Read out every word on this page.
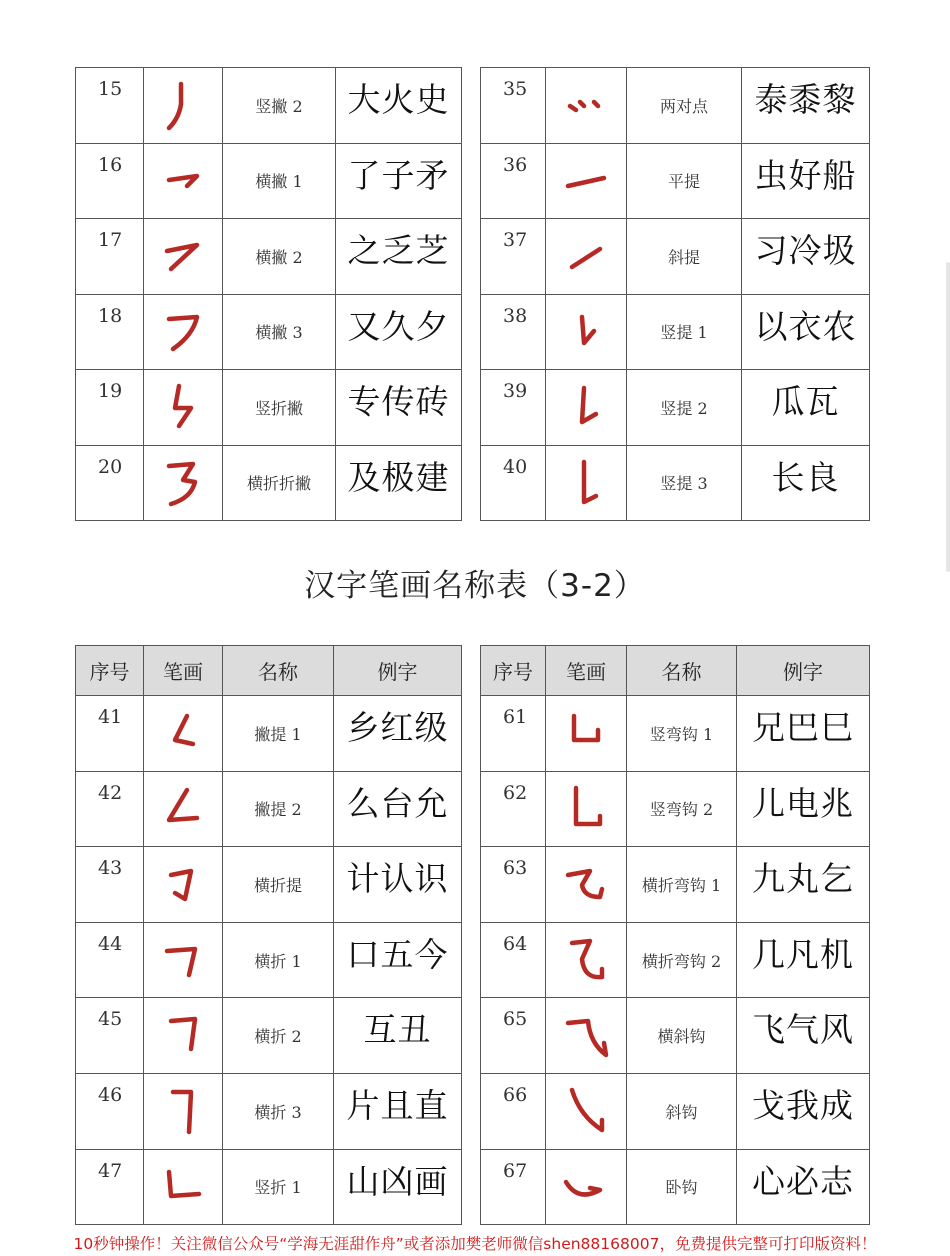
15		竖撇 2	大火史		35		两对点	泰黍黎
16		横撇 1	了子矛		36		平提	虫好船
17		横撇 2	之乏芝		37		斜提	习冷圾
18		横撇 3	又久夕		38		竖提 1	以衣农
19		竖折撇	专传砖		39		竖提 2	瓜瓦
20		横折折撇	及极建		40		竖提 3	长良
汉字笔画名称表（3-2）
序号	笔画	名称	例字		序号	笔画	名称	例字
41		撇提 1	乡红级		61		竖弯钩 1	兄巴巳
42		撇提 2	么台允		62		竖弯钩 2	儿电兆
43		横折提	计认识		63		横折弯钩 1	九丸乞
44		横折 1	口五今		64		横折弯钩 2	几凡机
45		横折 2	互丑		65		横斜钩	飞气风
46		横折 3	片且直		66		斜钩	戈我成
47		竖折 1	山凶画		67		卧钩	心必志
10秒钟操作！关注微信公众号“学海无涯甜作舟”或者添加樊老师微信shen88168007，免费提供完整可打印版资料！
